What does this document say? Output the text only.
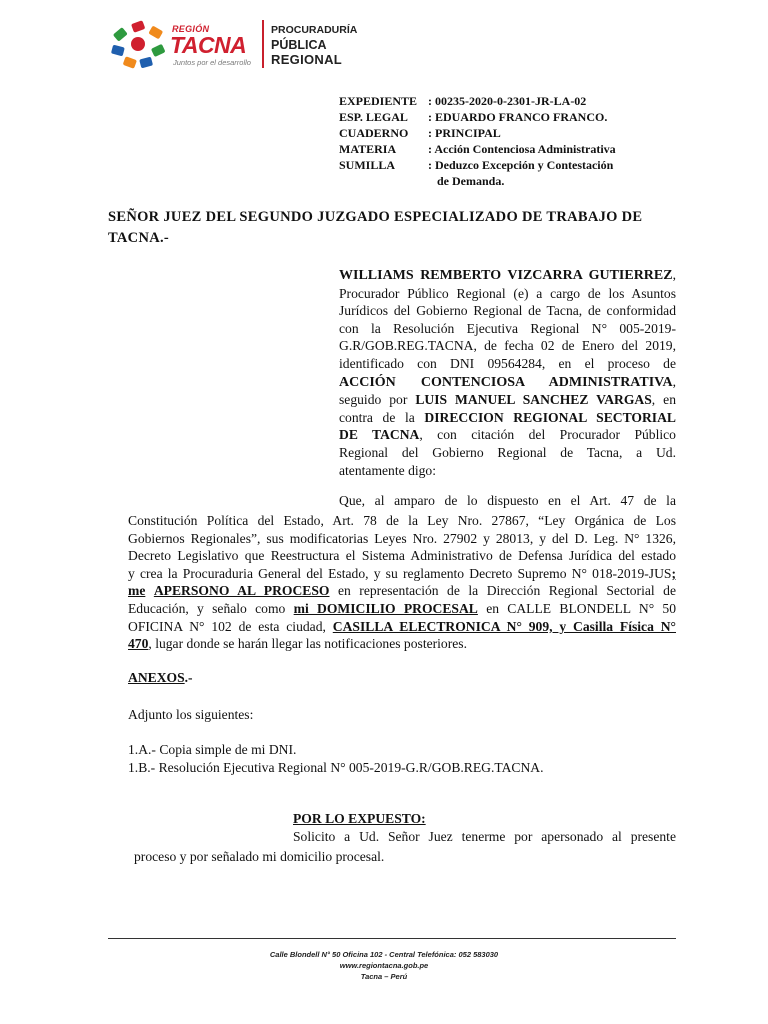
REGIÓN
TACNA
Juntos por el desarrollo
PROCURADURÍA
PÚBLICA
REGIONAL
EXPEDIENTE : 00235-2020-0-2301-JR-LA-02
ESP. LEGAL : EDUARDO FRANCO FRANCO.
CUADERNO : PRINCIPAL
MATERIA	: Acción Contenciosa Administrativa
SUMILLA	: Deduzco Excepción y Contestación
de Demanda.
SEÑOR JUEZ DEL SEGUNDO JUZGADO ESPECIALIZADO DE TRABAJO DE
TACNA.-
WILLIAMS REMBERTO VIZCARRA GUTIERREZ,
Procurador Público Regional (e) a cargo de los Asuntos
Jurídicos del Gobierno Regional de Tacna, de conformidad
con la Resolución Ejecutiva Regional N° 005-2019-
G.R/GOB.REG.TACNA, de fecha 02 de Enero del 2019,
identificado con DNI 09564284, en el proceso de
ACCIÓN CONTENCIOSA ADMINISTRATIVA,
seguido por LUIS MANUEL SANCHEZ VARGAS, en
contra de la DIRECCION REGIONAL SECTORIAL
DE TACNA, con citación del Procurador Público
Regional del Gobierno Regional de Tacna, a Ud.
atentamente digo:
Que, al amparo de lo dispuesto en el Art. 47 de la
Constitución Política del Estado, Art. 78 de la Ley Nro. 27867, “Ley Orgánica de Los
Gobiernos Regionales”, sus modificatorias Leyes Nro. 27902 y 28013, y del D. Leg. N° 1326,
Decreto Legislativo que Reestructura el Sistema Administrativo de Defensa Jurídica del estado
y crea la Procuraduria General del Estado, y su reglamento Decreto Supremo N° 018-2019-JUS;
me APERSONO AL PROCESO en representación de la Dirección Regional Sectorial de
Educación, y señalo como mi DOMICILIO PROCESAL en CALLE BLONDELL N° 50
OFICINA N° 102 de esta ciudad, CASILLA ELECTRONICA N° 909, y Casilla Física N°
470, lugar donde se harán llegar las notificaciones posteriores.
ANEXOS.-
Adjunto los siguientes:
1.A.- Copia simple de mi DNI.
1.B.- Resolución Ejecutiva Regional N° 005-2019-G.R/GOB.REG.TACNA.
POR LO EXPUESTO:
Solicito a Ud. Señor Juez tenerme por apersonado al presente
proceso y por señalado mi domicilio procesal.
Calle Blondell N° 50 Oficina 102 - Central Telefónica: 052 583030
www.regiontacna.gob.pe
Tacna – Perú
